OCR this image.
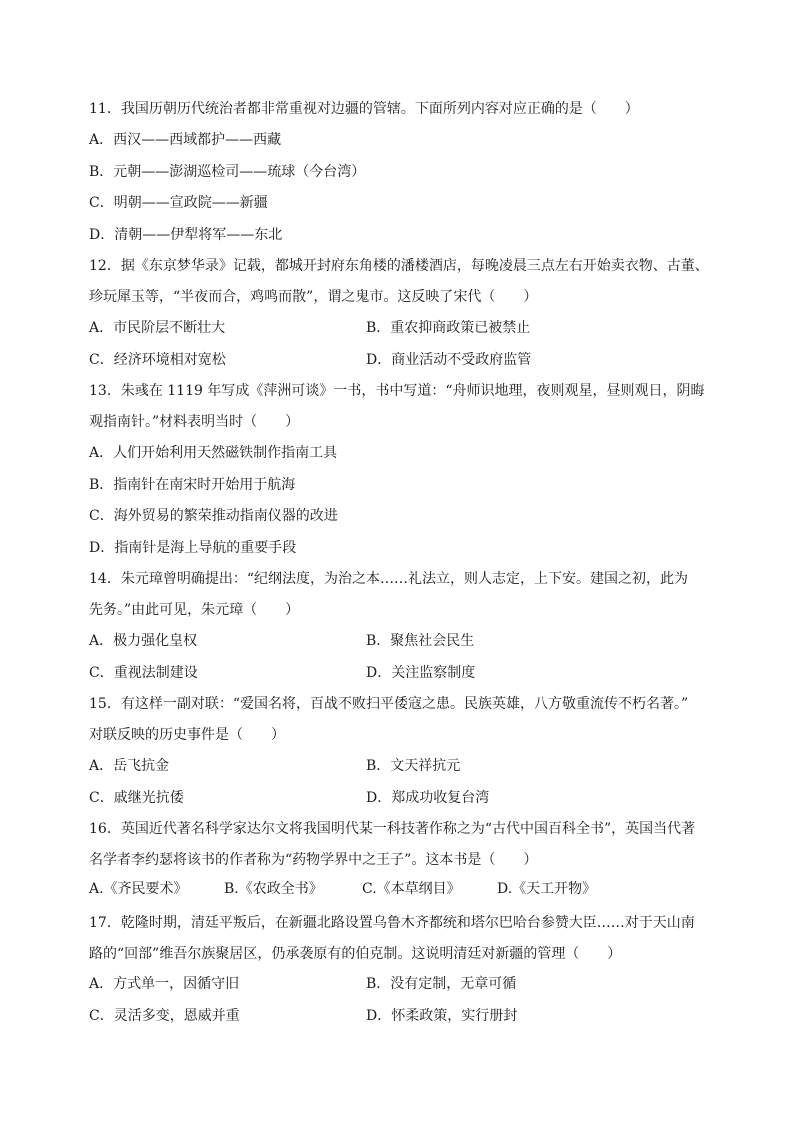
11．我国历朝历代统治者都非常重视对边疆的管辖。下面所列内容对应正确的是（　　）
A．西汉——西域都护——西藏
B．元朝——澎湖巡检司——琉球（今台湾）
C．明朝——宣政院——新疆
D．清朝——伊犁将军——东北
12．据《东京梦华录》记载，都城开封府东角楼的潘楼酒店，每晚凌晨三点左右开始卖衣物、古董、
珍玩犀玉等，“半夜而合，鸡鸣而散”，谓之鬼市。这反映了宋代（　　）
A．市民阶层不断壮大	B．重农抑商政策已被禁止
C．经济环境相对宽松	D．商业活动不受政府监管
13．朱彧在 1119 年写成《萍洲可谈》一书，书中写道：“舟师识地理，夜则观星，昼则观日，阴晦
观指南针。”材料表明当时（　　）
A．人们开始利用天然磁铁制作指南工具
B．指南针在南宋时开始用于航海
C．海外贸易的繁荣推动指南仪器的改进
D．指南针是海上导航的重要手段
14．朱元璋曾明确提出：“纪纲法度，为治之本……礼法立，则人志定，上下安。建国之初，此为
先务。”由此可见，朱元璋（　　）
A．极力强化皇权	B．聚焦社会民生
C．重视法制建设	D．关注监察制度
15．有这样一副对联：“爱国名将，百战不败扫平倭寇之患。民族英雄，八方敬重流传不朽名著。”
对联反映的历史事件是（　　）
A．岳飞抗金	B．文天祥抗元
C．戚继光抗倭	D．郑成功收复台湾
16．英国近代著名科学家达尔文将我国明代某一科技著作称之为“古代中国百科全书”，英国当代著
名学者李约瑟将该书的作者称为“药物学界中之王子”。这本书是（　　）
A.《齐民要术》	B.《农政全书》	C.《本草纲目》	D.《天工开物》
17．乾隆时期，清廷平叛后，在新疆北路设置乌鲁木齐都统和塔尔巴哈台参赞大臣……对于天山南
路的“回部”维吾尔族聚居区，仍承袭原有的伯克制。这说明清廷对新疆的管理（　　）
A．方式单一，因循守旧	B．没有定制，无章可循
C．灵活多变，恩威并重	D．怀柔政策，实行册封
